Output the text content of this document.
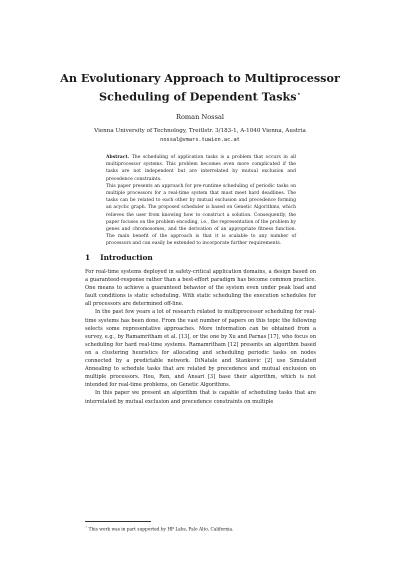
An Evolutionary Approach to Multiprocessor Scheduling of Dependent Tasks⋆
Roman Nossal
Vienna University of Technology, Treitlstr. 3/183-1, A-1040 Vienna, Austria
nossal@vmars.tuwien.ac.at

Abstract. The scheduling of application tasks is a problem that occurs in all multiprocessor systems. This problem becomes even more complicated if the tasks are not independent but are interrelated by mutual exclusion and precedence constraints.

This paper presents an approach for pre-runtime scheduling of periodic tasks on multiple processors for a real-time system that must meet hard deadlines. The tasks can be related to each other by mutual exclusion and precedence forming an acyclic graph. The proposed scheduler is based on Genetic Algorithms, which relieves the user from knowing how to construct a solution. Consequently, the paper focuses on the problem encoding, i.e., the representation of the problem by genes and chromosomes, and the derivation of an appropriate fitness function. The main benefit of the approach is that it is scalable to any number of processors and can easily be extended to incorporate further requirements.

1 Introduction

For real-time systems deployed in safety-critical application domains, a design based on a guaranteed-response rather than a best-effort paradigm has become common practice. One means to achieve a guaranteed behavior of the system even under peak load and fault conditions is static scheduling. With static scheduling the execution schedules for all processors are determined off-line.

In the past few years a lot of research related to multiprocessor scheduling for real-time systems has been done. From the vast number of papers on this topic the following selects some representative approaches. More information can be obtained from a survey, e.g., by Ramamritham et al. [13], or the one by Xu and Parnas [17], who focus on scheduling for hard real-time systems. Ramamritham [12] presents an algorithm based on a clustering heuristics for allocating and scheduling periodic tasks on nodes connected by a predictable network. DiNatale and Stankovic [2] use Simulated Annealing to schedule tasks that are related by precedence and mutual exclusion on multiple processors. Hou, Ren, and Ansari [3] base their algorithm, which is not intended for real-time problems, on Genetic Algorithms.

In this paper we present an algorithm that is capable of scheduling tasks that are interrelated by mutual exclusion and precedence constraints on multiple

⋆ This work was in part supported by HP Labs, Palo Alto, California.
